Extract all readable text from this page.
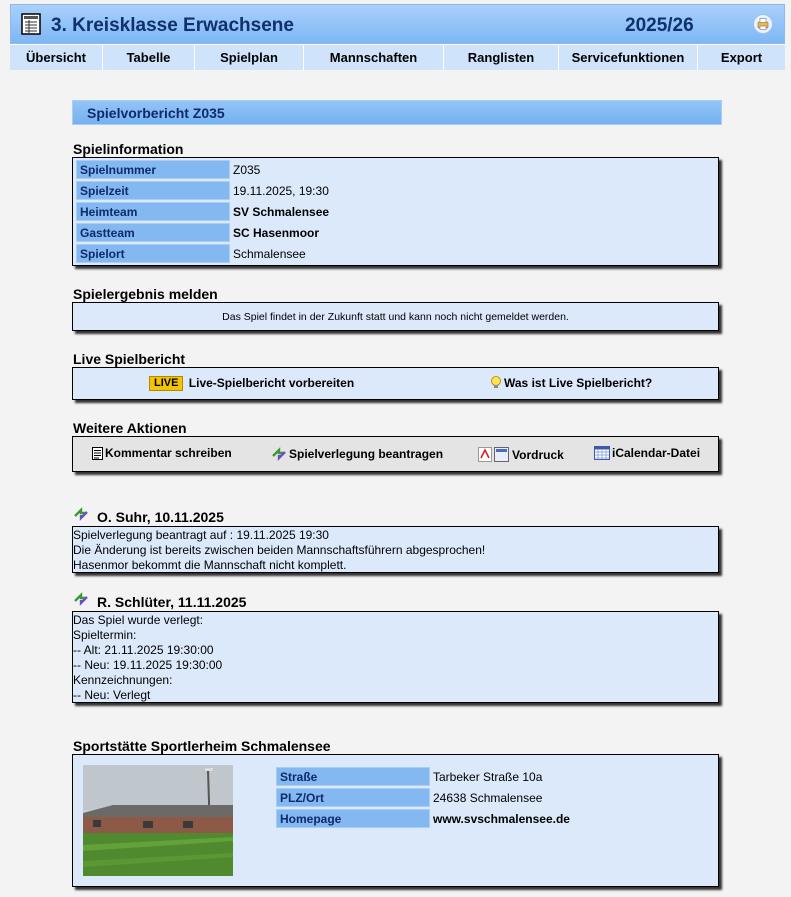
3. Kreisklasse Erwachsene	2025/26
Übersicht	Tabelle	Spielplan	Mannschaften	Ranglisten	Servicefunktionen	Export
Spielvorbericht Z035
Spielinformation
Spielnummer	Z035
Spielzeit	19.11.2025, 19:30
Heimteam	SV Schmalensee
Gastteam	SC Hasenmoor
Spielort	Schmalensee
Spielergebnis melden
Das Spiel findet in der Zukunft statt und kann noch nicht gemeldet werden.
Live Spielbericht
LIVE Live-Spielbericht vorbereiten	Was ist Live Spielbericht?
Weitere Aktionen
Kommentar schreiben	Spielverlegung beantragen	Vordruck	iCalendar-Datei
O. Suhr, 10.11.2025
Spielverlegung beantragt auf : 19.11.2025 19:30
Die Änderung ist bereits zwischen beiden Mannschaftsführern abgesprochen!
Hasenmor bekommt die Mannschaft nicht komplett.
R. Schlüter, 11.11.2025
Das Spiel wurde verlegt:
Spieltermin:
-- Alt: 21.11.2025 19:30:00
-- Neu: 19.11.2025 19:30:00
Kennzeichnungen:
-- Neu: Verlegt
Sportstätte Sportlerheim Schmalensee
Straße	Tarbeker Straße 10a
PLZ/Ort	24638 Schmalensee
Homepage	www.svschmalensee.de
